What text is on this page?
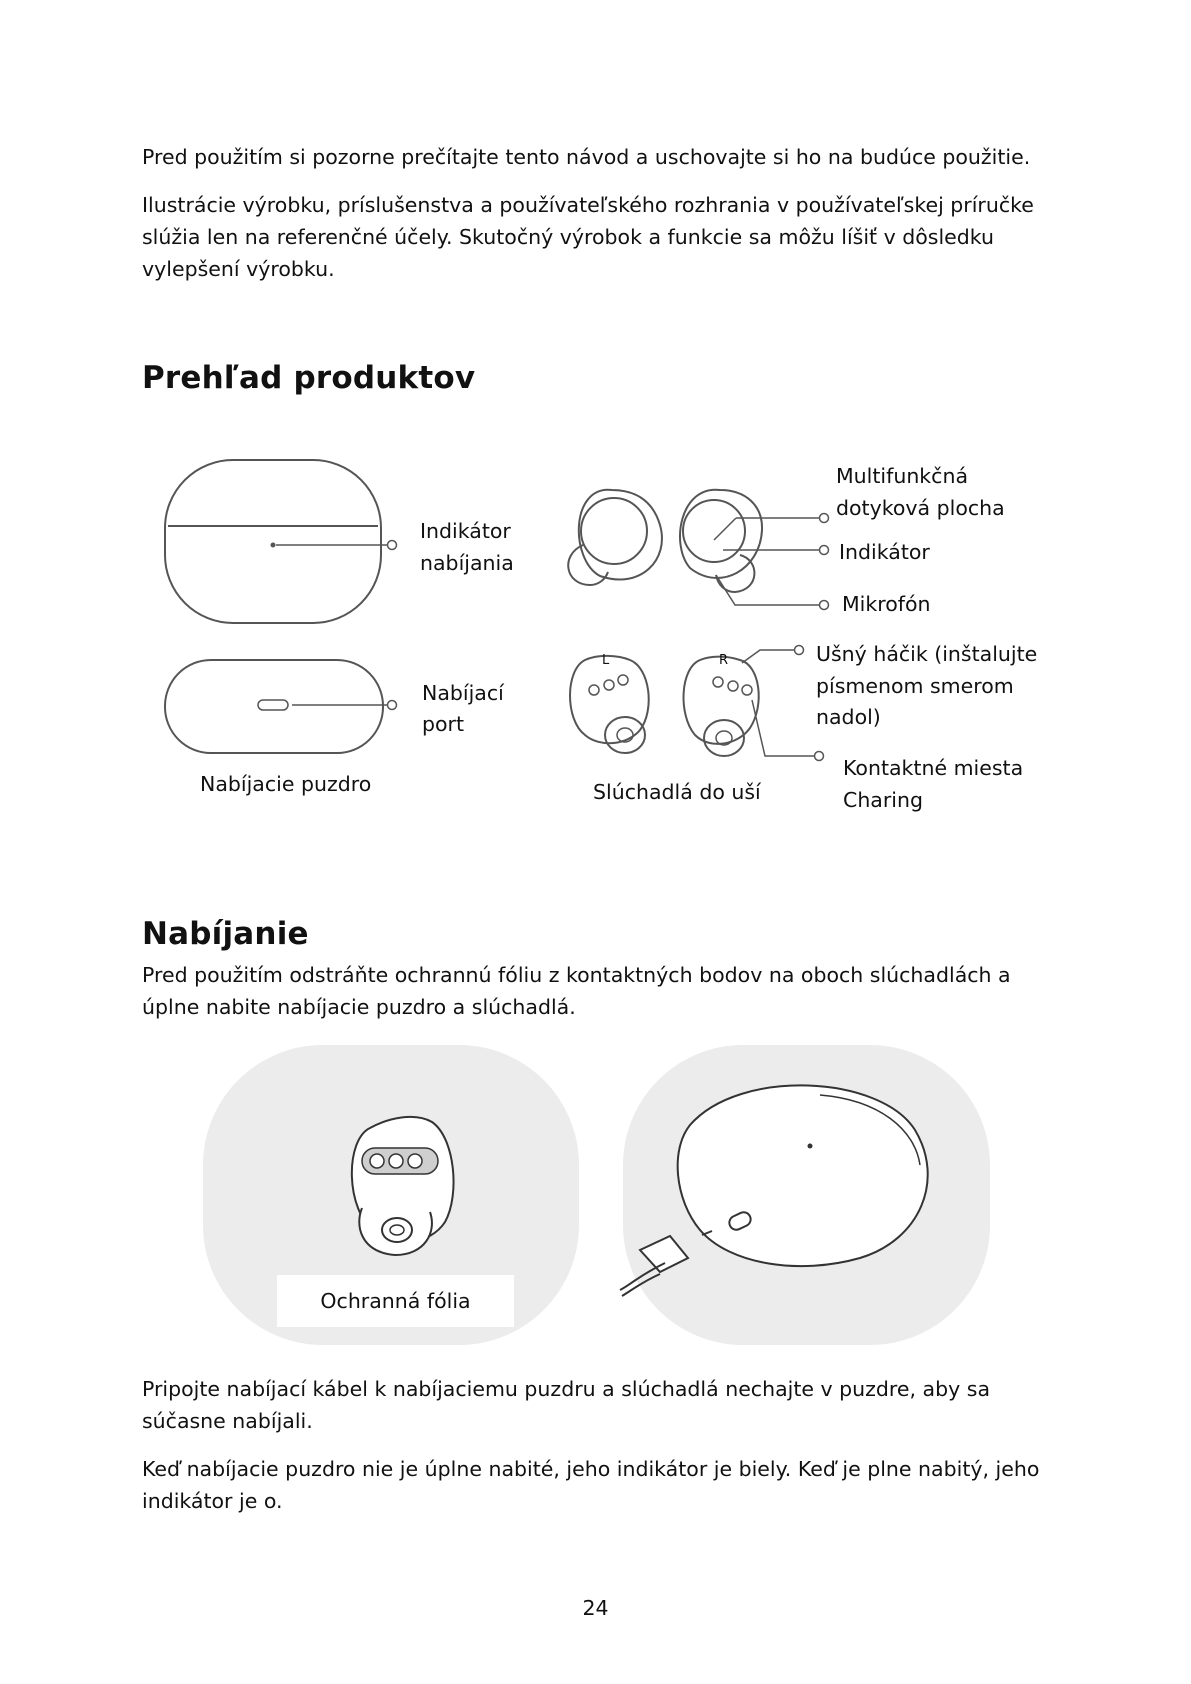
Pred použitím si pozorne prečítajte tento návod a uschovajte si ho na budúce použitie.

Ilustrácie výrobku, príslušenstva a používateľského rozhrania v používateľskej príručke slúžia len na referenčné účely. Skutočný výrobok a funkcie sa môžu líšiť v dôsledku vylepšení výrobku.

Prehľad produktov
L	R
Indikátor
nabíjania
Nabíjací
port
Nabíjacie puzdro
Multifunkčná
dotyková plocha
Indikátor
Mikrofón
Ušný háčik (inštalujte
písmenom smerom
nadol)
Kontaktné miesta
Charing
Slúchadlá do uší
Nabíjanie

Pred použitím odstráňte ochrannú fóliu z kontaktných bodov na oboch slúchadlách a úplne nabite nabíjacie puzdro a slúchadlá.

Ochranná fólia

Pripojte nabíjací kábel k nabíjaciemu puzdru a slúchadlá nechajte v puzdre, aby sa súčasne nabíjali.

Keď nabíjacie puzdro nie je úplne nabité, jeho indikátor je biely. Keď je plne nabitý, jeho indikátor je o.

24
